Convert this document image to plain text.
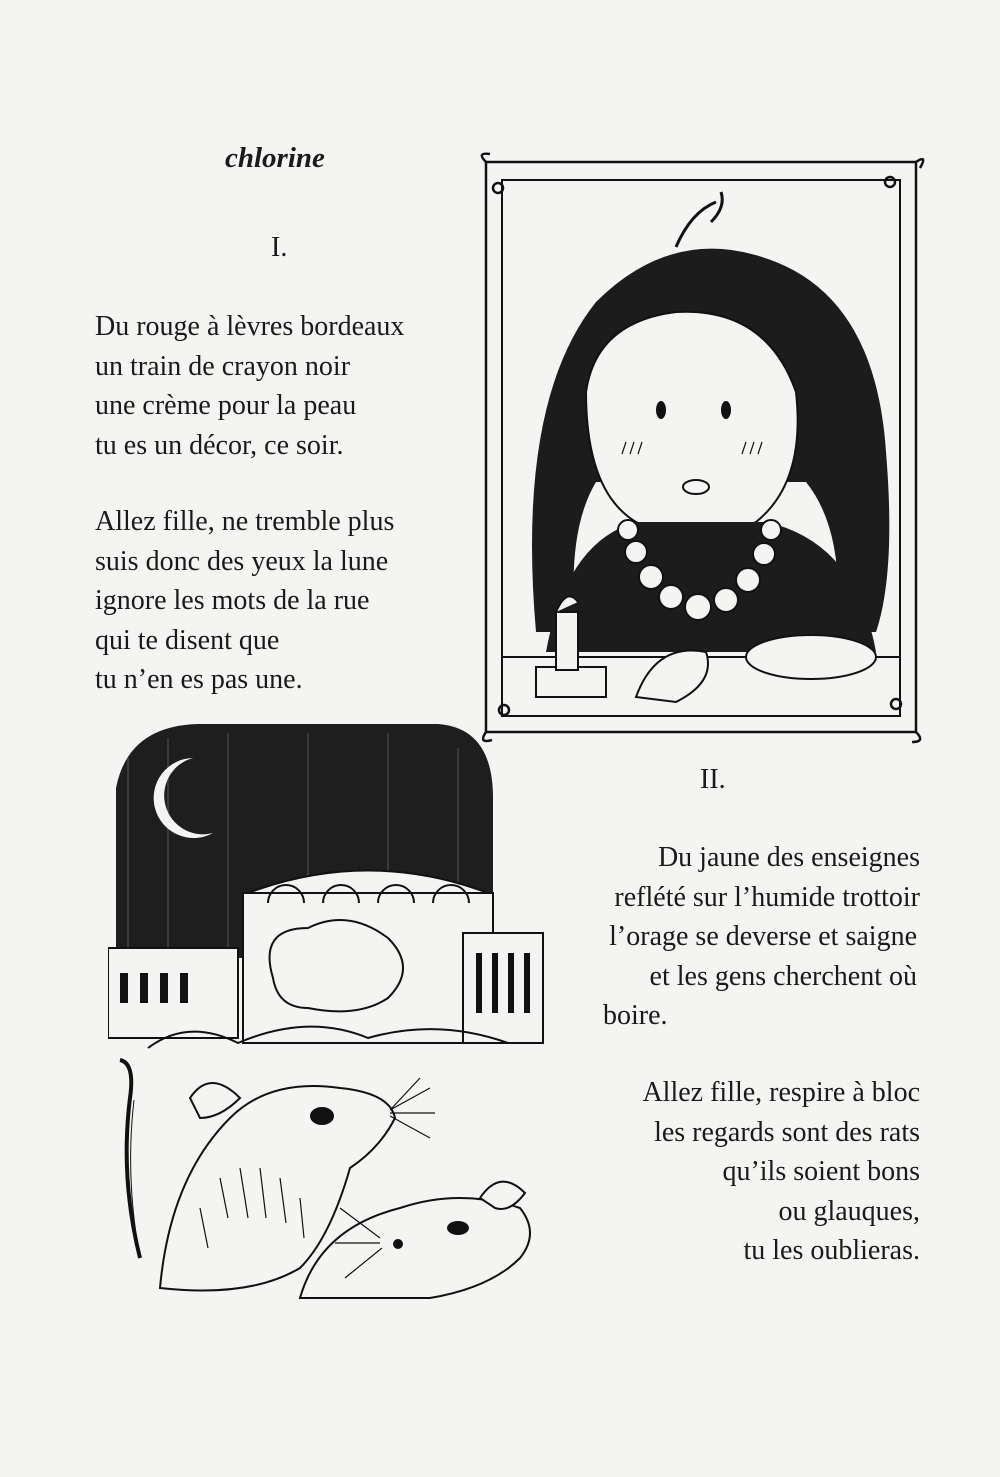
chlorine
I.
Du rouge à lèvres bordeaux
un train de crayon noir
une crème pour la peau
tu es un décor, ce soir.
Allez fille, ne tremble plus
suis donc des yeux la lune
ignore les mots de la rue
qui te disent que
tu n’en es pas une.
II.
Du jaune des enseignes
reflété sur l’humide trottoir
l’orage se deverse et saigne
et les gens cherchent où
boire.
Allez fille, respire à bloc
les regards sont des rats
qu’ils soient bons
ou glauques,
tu les oublieras.
